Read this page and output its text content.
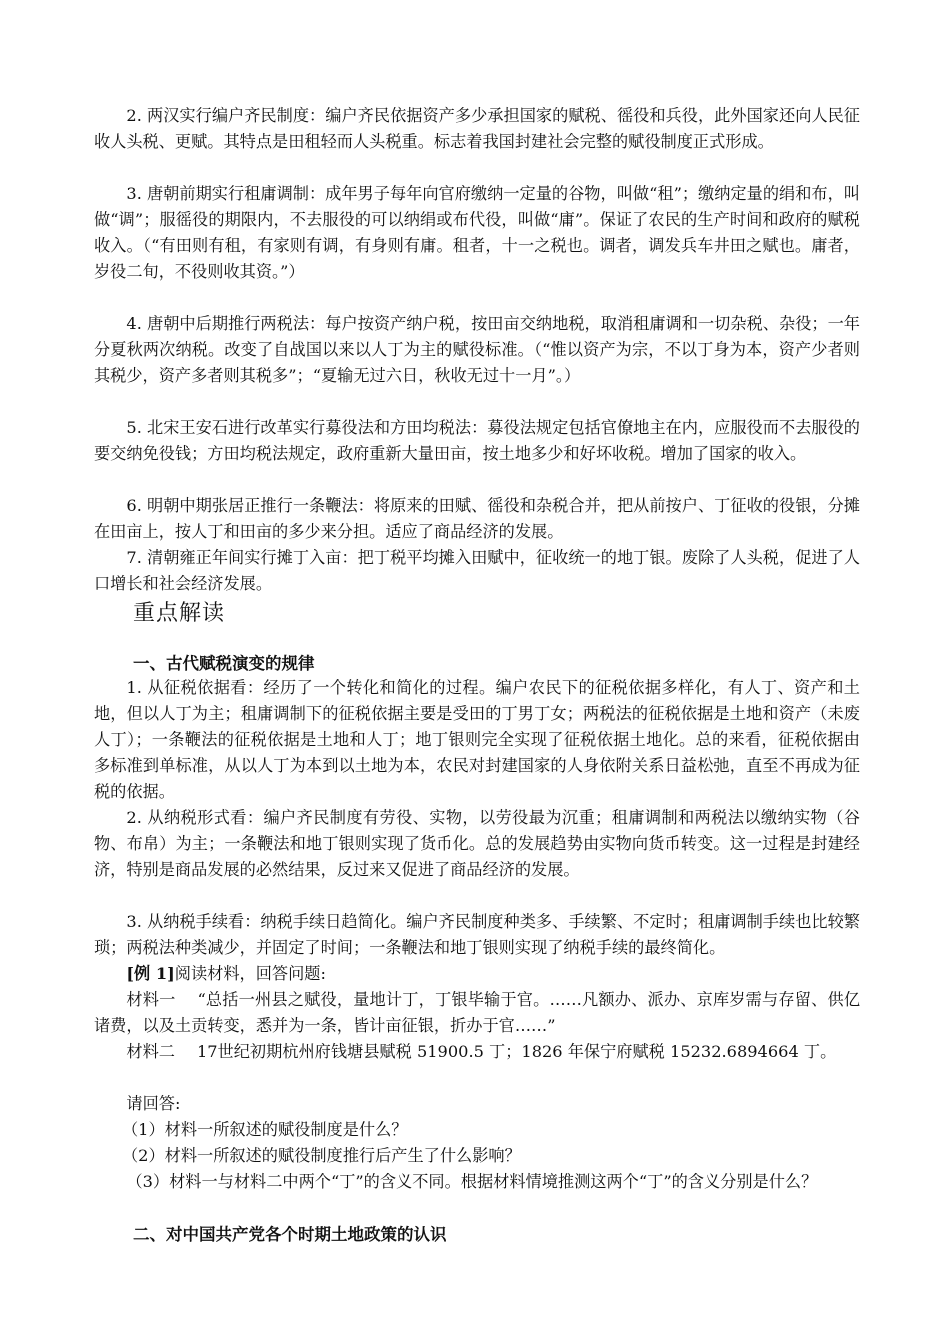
2. 两汉实行编户齐民制度：编户齐民依据资产多少承担国家的赋税、徭役和兵役，此外国家还向人民征收人头税、更赋。其特点是田租轻而人头税重。标志着我国封建社会完整的赋役制度正式形成。

3. 唐朝前期实行租庸调制：成年男子每年向官府缴纳一定量的谷物，叫做“租”；缴纳定量的绢和布，叫做“调”；服徭役的期限内，不去服役的可以纳绢或布代役，叫做“庸”。保证了农民的生产时间和政府的赋税收入。（“有田则有租，有家则有调，有身则有庸。租者，十一之税也。调者，调发兵车井田之赋也。庸者，岁役二旬，不役则收其资。”）

4. 唐朝中后期推行两税法：每户按资产纳户税，按田亩交纳地税，取消租庸调和一切杂税、杂役；一年分夏秋两次纳税。改变了自战国以来以人丁为主的赋役标准。（“惟以资产为宗，不以丁身为本，资产少者则其税少，资产多者则其税多”；“夏输无过六日，秋收无过十一月”。）

5. 北宋王安石进行改革实行募役法和方田均税法：募役法规定包括官僚地主在内，应服役而不去服役的要交纳免役钱；方田均税法规定，政府重新大量田亩，按土地多少和好坏收税。增加了国家的收入。

6. 明朝中期张居正推行一条鞭法：将原来的田赋、徭役和杂税合并，把从前按户、丁征收的役银，分摊在田亩上，按人丁和田亩的多少来分担。适应了商品经济的发展。

7. 清朝雍正年间实行摊丁入亩：把丁税平均摊入田赋中，征收统一的地丁银。废除了人头税，促进了人口增长和社会经济发展。

重点解读
一、古代赋税演变的规律

1. 从征税依据看：经历了一个转化和简化的过程。编户农民下的征税依据多样化，有人丁、资产和土地，但以人丁为主；租庸调制下的征税依据主要是受田的丁男丁女；两税法的征税依据是土地和资产（未废人丁）；一条鞭法的征税依据是土地和人丁；地丁银则完全实现了征税依据土地化。总的来看，征税依据由多标准到单标准，从以人丁为本到以土地为本，农民对封建国家的人身依附关系日益松弛，直至不再成为征税的依据。

2. 从纳税形式看：编户齐民制度有劳役、实物，以劳役最为沉重；租庸调制和两税法以缴纳实物（谷物、布帛）为主；一条鞭法和地丁银则实现了货币化。总的发展趋势由实物向货币转变。这一过程是封建经济，特别是商品发展的必然结果，反过来又促进了商品经济的发展。

3. 从纳税手续看：纳税手续日趋简化。编户齐民制度种类多、手续繁、不定时；租庸调制手续也比较繁琐；两税法种类减少，并固定了时间；一条鞭法和地丁银则实现了纳税手续的最终简化。

[例 1]阅读材料，回答问题:

材料一 “总括一州县之赋役，量地计丁，丁银毕输于官。……凡额办、派办、京库岁需与存留、供亿诸费，以及土贡转变，悉并为一条，皆计亩征银，折办于官……”

材料二 17世纪初期杭州府钱塘县赋税 51900.5 丁；1826 年保宁府赋税 15232.6894664 丁。

请回答:

（1）材料一所叙述的赋役制度是什么？

（2）材料一所叙述的赋役制度推行后产生了什么影响？

（3）材料一与材料二中两个“丁”的含义不同。根据材料情境推测这两个“丁”的含义分别是什么？

二、对中国共产党各个时期土地政策的认识
